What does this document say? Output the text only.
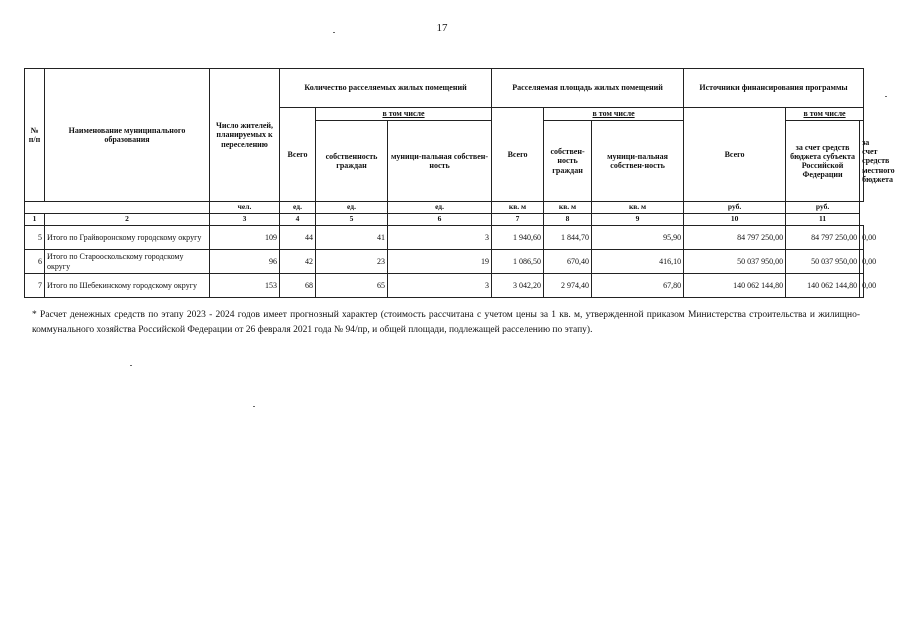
17
№ п/п	Наименование муниципального образования	Число жителей, планируемых к переселению	Количество расселяемых жилых помещений			Расселяемая площадь жилых помещений			Источники финансирования программы		
			Всего	в том числе		Всего	в том числе		Всего	в том числе	
				собственность граждан	муници-пальная собствен-ность		собствен-ность граждан	муници-пальная собствен-ность		за счет средств бюджета субъекта Российской Федерации	за счет средств местного бюджета
		чел.	ед.	ед.	ед.	кв. м	кв. м	кв. м	руб.	руб.	
1	2	3	4	5	6	7	8	9	10	11	
5	Итого по Грайворонскому городскому округу	109	44	41	3	1 940,60	1 844,70	95,90	84 797 250,00	84 797 250,00	0,00
6	Итого по Старооскольскому городскому округу	96	42	23	19	1 086,50	670,40	416,10	50 037 950,00	50 037 950,00	0,00
7	Итого по Шебекинскому городскому округу	153	68	65	3	3 042,20	2 974,40	67,80	140 062 144,80	140 062 144,80	0,00
* Расчет денежных средств по этапу 2023 - 2024 годов имеет прогнозный характер (стоимость рассчитана с учетом цены за 1 кв. м, утвержденной приказом Министерства строительства и жилищно-коммунального хозяйства Российской Федерации от 26 февраля 2021 года № 94/пр, и общей площади, подлежащей расселению по этапу).
